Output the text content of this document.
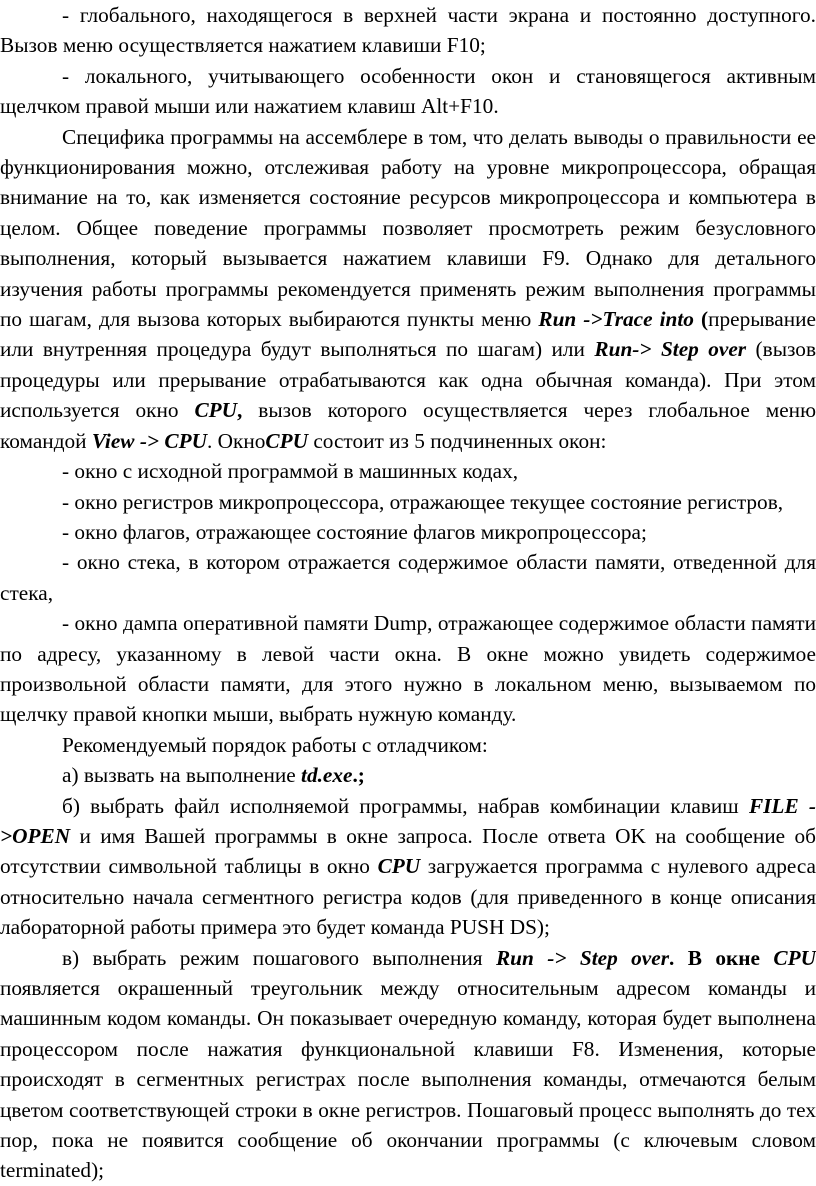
- глобального, находящегося в верхней части экрана и постоянно доступного. Вызов меню осуществляется нажатием клавиши F10;

- локального, учитывающего особенности окон и становящегося активным щелчком правой мыши или нажатием клавиш Alt+F10.

Специфика программы на ассемблере в том, что делать выводы о правильности ее функционирования можно, отслеживая работу на уровне микропроцессора, обращая внимание на то, как изменяется состояние ресурсов микропроцессора и компьютера в целом. Общее поведение программы позволяет просмотреть режим безусловного выполнения, который вызывается нажатием клавиши F9. Однако для детального изучения работы программы рекомендуется применять режим выполнения программы по шагам, для вызова которых выбираются пункты меню Run ->Trace into (прерывание или внутренняя процедура будут выполняться по шагам) или Run-> Step over (вызов процедуры или прерывание отрабатываются как одна обычная команда). При этом используется окно CPU, вызов которого осуществляется через глобальное меню командой View -> CPU. ОкноCPU состоит из 5 подчиненных окон:

- окно с исходной программой в машинных кодах,

- окно регистров микропроцессора, отражающее текущее состояние регистров,

- окно флагов, отражающее состояние флагов микропроцессора;

- окно стека, в котором отражается содержимое области памяти, отведенной для стека,

- окно дампа оперативной памяти Dump, отражающее содержимое области памяти по адресу, указанному в левой части окна. В окне можно увидеть содержимое произвольной области памяти, для этого нужно в локальном меню, вызываемом по щелчку правой кнопки мыши, выбрать нужную команду.

Рекомендуемый порядок работы с отладчиком:

а) вызвать на выполнение td.exe.;

б) выбрать файл исполняемой программы, набрав комбинации клавиш FILE ->OPEN и имя Вашей программы в окне запроса. После ответа OK на сообщение об отсутствии символьной таблицы в окно CPU загружается программа с нулевого адреса относительно начала сегментного регистра кодов (для приведенного в конце описания лабораторной работы примера это будет команда PUSH DS);

в) выбрать режим пошагового выполнения Run -> Step over. В окне CPU появляется окрашенный треугольник между относительным адресом команды и машинным кодом команды. Он показывает очередную команду, которая будет выполнена процессором после нажатия функциональной клавиши F8. Изменения, которые происходят в сегментных регистрах после выполнения команды, отмечаются белым цветом соответствующей строки в окне регистров. Пошаговый процесс выполнять до тех пор, пока не появится сообщение об окончании программы (с ключевым словом terminated);
